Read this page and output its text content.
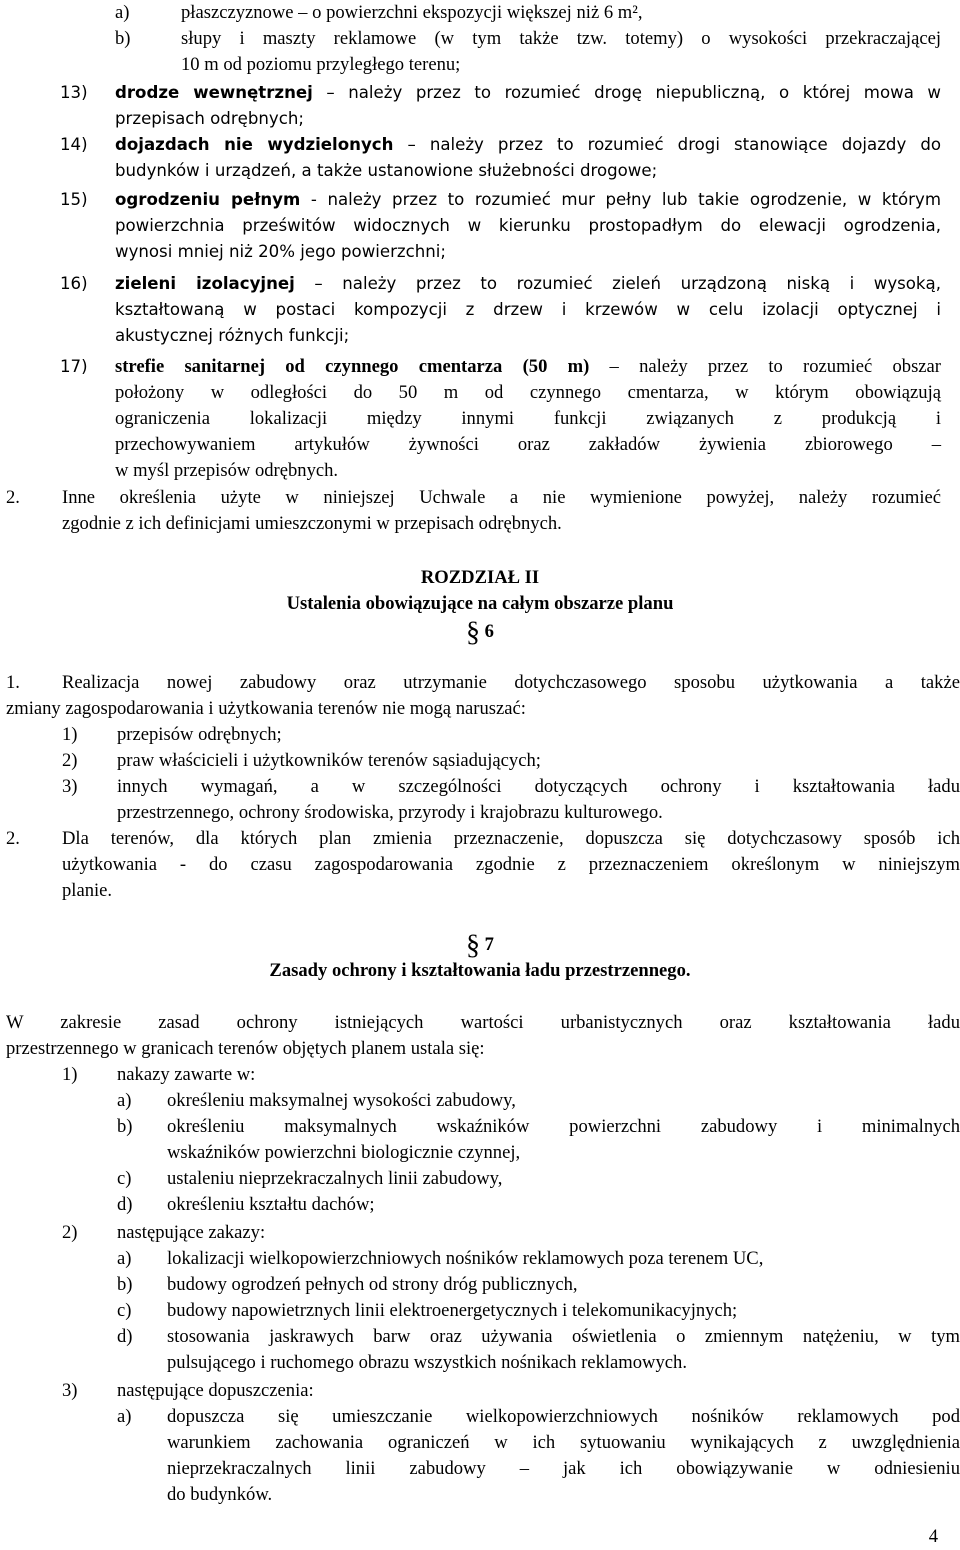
a)	płaszczyznowe – o powierzchni ekspozycji większej niż 6 m²,
b)	słupy i maszty reklamowe (w tym także tzw. totemy) o wysokości przekraczającej
10 m od poziomu przyległego terenu;
13) drodze wewnętrznej – należy przez to rozumieć drogę niepubliczną, o której mowa w
przepisach odrębnych;
14) dojazdach nie wydzielonych – należy przez to rozumieć drogi stanowiące dojazdy do
budynków i urządzeń, a także ustanowione służebności drogowe;
15) ogrodzeniu pełnym - należy przez to rozumieć mur pełny lub takie ogrodzenie, w którym
powierzchnia prześwitów widocznych w kierunku prostopadłym do elewacji ogrodzenia,
wynosi mniej niż 20% jego powierzchni;
16) zieleni izolacyjnej – należy przez to rozumieć zieleń urządzoną niską i wysoką,
kształtowaną w postaci kompozycji z drzew i krzewów w celu izolacji optycznej i
akustycznej różnych funkcji;
17) strefie sanitarnej od czynnego cmentarza (50 m) – należy przez to rozumieć obszar
położony w odległości do 50 m od czynnego cmentarza, w którym obowiązują
ograniczenia lokalizacji między innymi funkcji związanych z produkcją i
przechowywaniem artykułów żywności oraz zakładów żywienia zbiorowego –
w myśl przepisów odrębnych.
2. Inne określenia użyte w niniejszej Uchwale a nie wymienione powyżej, należy rozumieć
zgodnie z ich definicjami umieszczonymi w przepisach odrębnych.
ROZDZIAŁ II
Ustalenia obowiązujące na całym obszarze planu
§ 6
1. Realizacja nowej zabudowy oraz utrzymanie dotychczasowego sposobu użytkowania a także
zmiany zagospodarowania i użytkowania terenów nie mogą naruszać:
1) przepisów odrębnych;
2) praw właścicieli i użytkowników terenów sąsiadujących;
3) innych wymagań, a w szczególności dotyczących ochrony i kształtowania ładu
przestrzennego, ochrony środowiska, przyrody i krajobrazu kulturowego.
2. Dla terenów, dla których plan zmienia przeznaczenie, dopuszcza się dotychczasowy sposób ich
użytkowania - do czasu zagospodarowania zgodnie z przeznaczeniem określonym w niniejszym
planie.
§ 7
Zasady ochrony i kształtowania ładu przestrzennego.
W zakresie zasad ochrony istniejących wartości urbanistycznych oraz kształtowania ładu
przestrzennego w granicach terenów objętych planem ustala się:
1) nakazy zawarte w:
a) określeniu maksymalnej wysokości zabudowy,
b) określeniu maksymalnych wskaźników powierzchni zabudowy i minimalnych
wskaźników powierzchni biologicznie czynnej,
c) ustaleniu nieprzekraczalnych linii zabudowy,
d) określeniu kształtu dachów;
2) następujące zakazy:
a) lokalizacji wielkopowierzchniowych nośników reklamowych poza terenem UC,
b) budowy ogrodzeń pełnych od strony dróg publicznych,
c) budowy napowietrznych linii elektroenergetycznych i telekomunikacyjnych;
d) stosowania jaskrawych barw oraz używania oświetlenia o zmiennym natężeniu, w tym
pulsującego i ruchomego obrazu wszystkich nośnikach reklamowych.
3) następujące dopuszczenia:
a) dopuszcza się umieszczanie wielkopowierzchniowych nośników reklamowych pod
warunkiem zachowania ograniczeń w ich sytuowaniu wynikających z uwzględnienia
nieprzekraczalnych linii zabudowy – jak ich obowiązywanie w odniesieniu
do budynków.
4
